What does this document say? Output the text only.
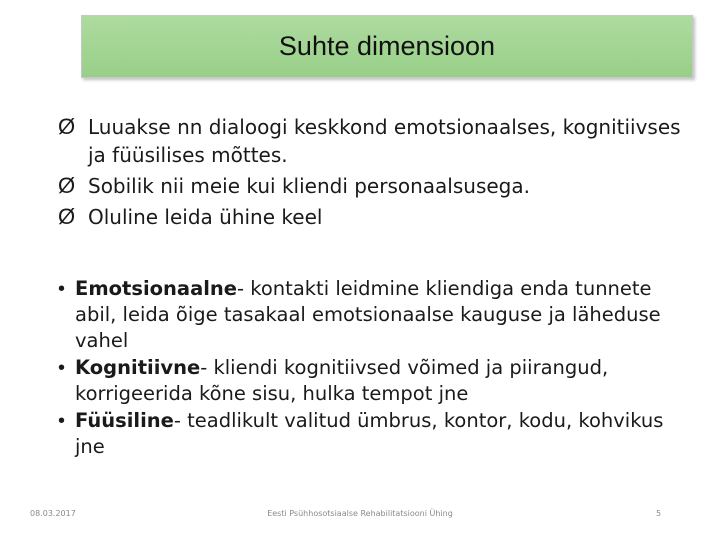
Suhte dimensioon
Ø Luuakse nn dialoogi keskkond emotsionaalses, kognitiivses ja füüsilises mõttes.
Ø Sobilik nii meie kui kliendi personaalsusega.
Ø Oluline leida ühine keel
• Emotsionaalne- kontakti leidmine kliendiga enda tunnete abil, leida õige tasakaal emotsionaalse kauguse ja läheduse vahel
• Kognitiivne- kliendi kognitiivsed võimed ja piirangud, korrigeerida kõne sisu, hulka tempot jne
• Füüsiline- teadlikult valitud ümbrus, kontor, kodu, kohvikus jne
08.03.2017	Eesti Psühhosotsiaalse Rehabilitatsiooni Ühing	5
